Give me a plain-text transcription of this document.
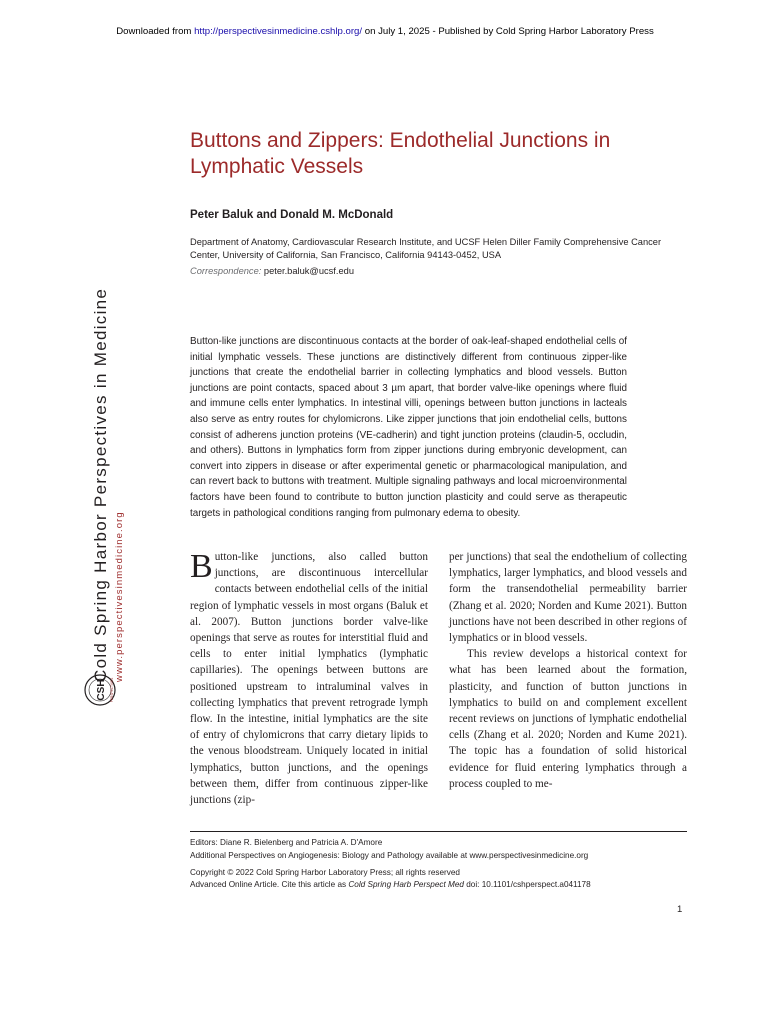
Downloaded from http://perspectivesinmedicine.cshlp.org/ on July 1, 2025 - Published by Cold Spring Harbor Laboratory Press
Cold Spring Harbor Perspectives in Medicine www.perspectivesinmedicine.org
CSH PERSPECTIVES
Buttons and Zippers: Endothelial Junctions in Lymphatic Vessels
Peter Baluk and Donald M. McDonald
Department of Anatomy, Cardiovascular Research Institute, and UCSF Helen Diller Family Comprehensive Cancer Center, University of California, San Francisco, California 94143-0452, USA
Correspondence: peter.baluk@ucsf.edu

Button-like junctions are discontinuous contacts at the border of oak-leaf-shaped endothelial cells of initial lymphatic vessels. These junctions are distinctively different from continuous zipper-like junctions that create the endothelial barrier in collecting lymphatics and blood vessels. Button junctions are point contacts, spaced about 3 µm apart, that border valve-like openings where fluid and immune cells enter lymphatics. In intestinal villi, openings between button junctions in lacteals also serve as entry routes for chylomicrons. Like zipper junctions that join endothelial cells, buttons consist of adherens junction proteins (VE-cadherin) and tight junction proteins (claudin-5, occludin, and others). Buttons in lymphatics form from zipper junctions during embryonic development, can convert into zippers in disease or after experimental genetic or pharmacological manipulation, and can revert back to buttons with treatment. Multiple signaling pathways and local microenvironmental factors have been found to contribute to button junction plasticity and could serve as therapeutic targets in pathological conditions ranging from pulmonary edema to obesity.

Button-like junctions, also called button junctions, are discontinuous intercellular contacts between endothelial cells of the initial region of lymphatic vessels in most organs (Baluk et al. 2007). Button junctions border valve-like openings that serve as routes for interstitial fluid and cells to enter initial lymphatics (lymphatic capillaries). The openings between buttons are positioned upstream to intraluminal valves in collecting lymphatics that prevent retrograde lymph flow. In the intestine, initial lymphatics are the site of entry of chylomicrons that carry dietary lipids to the venous bloodstream. Uniquely located in initial lymphatics, button junctions, and the openings between them, differ from continuous zipper-like junctions (zip-

per junctions) that seal the endothelium of collecting lymphatics, larger lymphatics, and blood vessels and form the transendothelial permeability barrier (Zhang et al. 2020; Norden and Kume 2021). Button junctions have not been described in other regions of lymphatics or in blood vessels.

This review develops a historical context for what has been learned about the formation, plasticity, and function of button junctions in lymphatics to build on and complement excellent recent reviews on junctions of lymphatic endothelial cells (Zhang et al. 2020; Norden and Kume 2021). The topic has a foundation of solid historical evidence for fluid entering lymphatics through a process coupled to me-

Editors: Diane R. Bielenberg and Patricia A. D'Amore
Additional Perspectives on Angiogenesis: Biology and Pathology available at www.perspectivesinmedicine.org
Copyright © 2022 Cold Spring Harbor Laboratory Press; all rights reserved
Advanced Online Article. Cite this article as Cold Spring Harb Perspect Med doi: 10.1101/cshperspect.a041178
1
